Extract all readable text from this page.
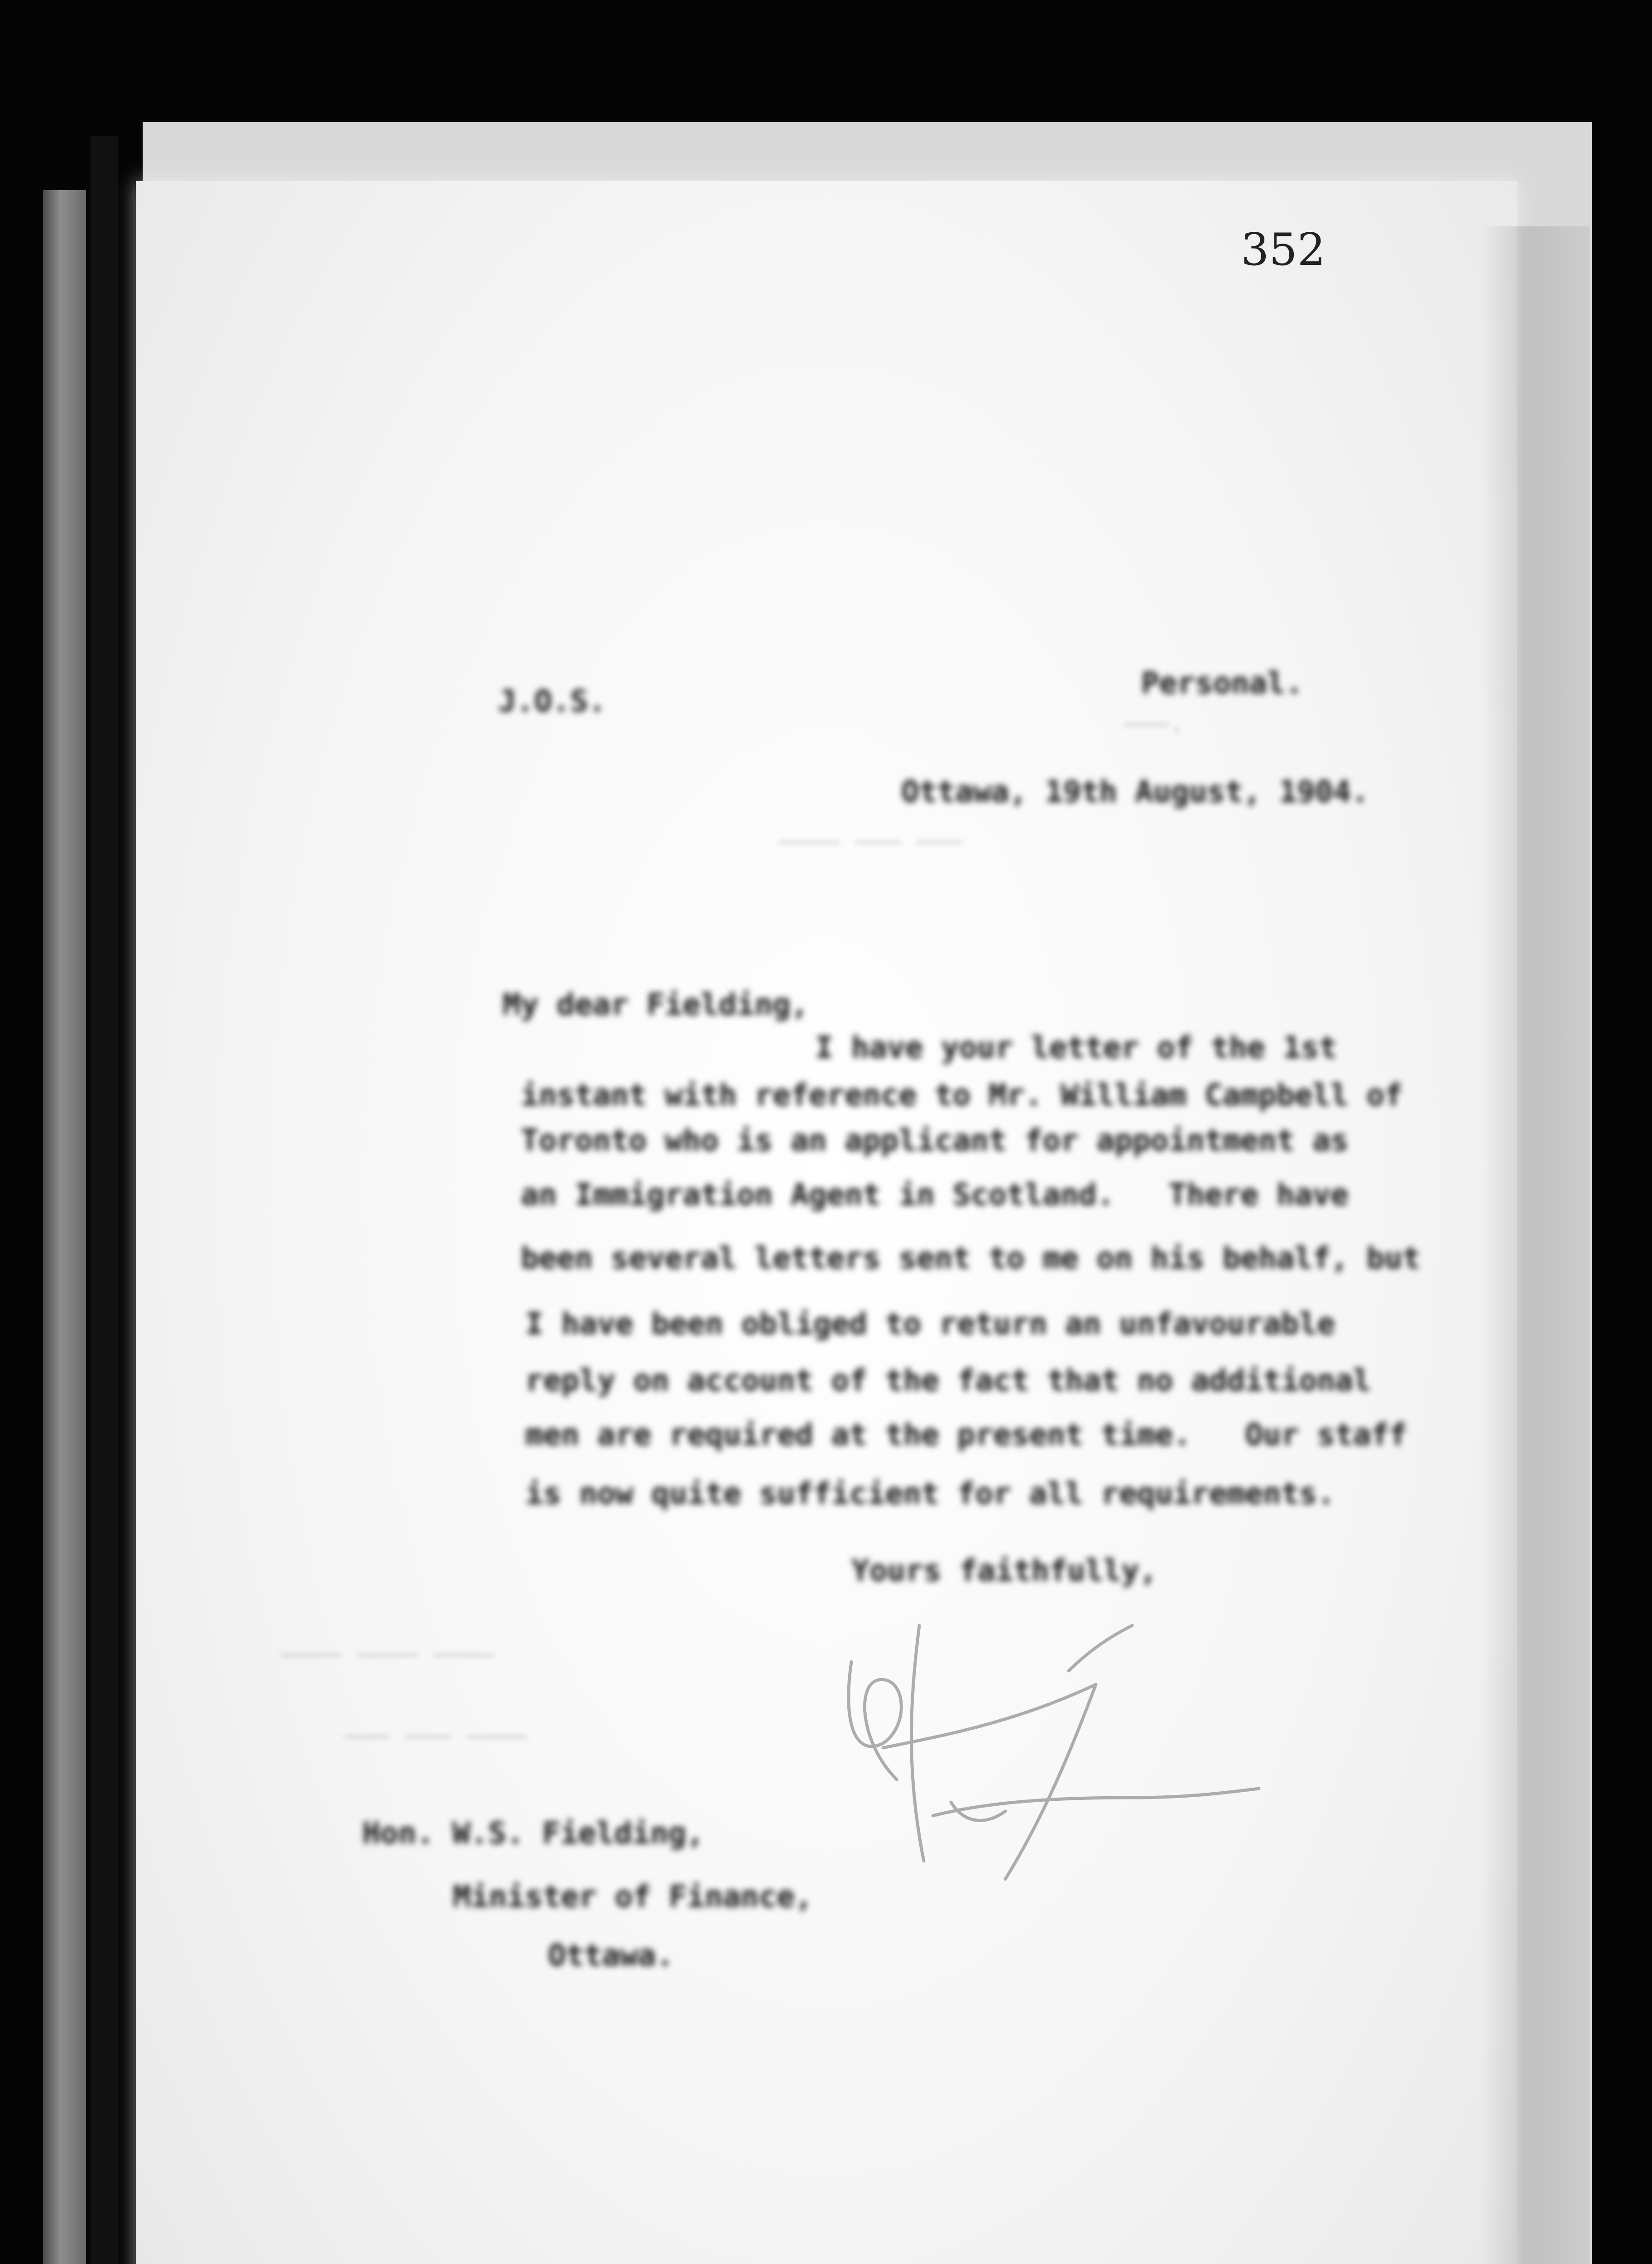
352
———.
———— ——— ———
———— ———— ————
——— ——— ————
J.O.S.
Personal.
Ottawa, 19th August, 1904.
My dear Fielding,
I have your letter of the 1st
instant with reference to Mr. William Campbell of
Toronto who is an applicant for appointment as
an Immigration Agent in Scotland.   There have
been several letters sent to me on his behalf, but
I have been obliged to return an unfavourable
reply on account of the fact that no additional
men are required at the present time.   Our staff
is now quite sufficient for all requirements.
Yours faithfully,
Hon. W.S. Fielding,
Minister of Finance,
Ottawa.
